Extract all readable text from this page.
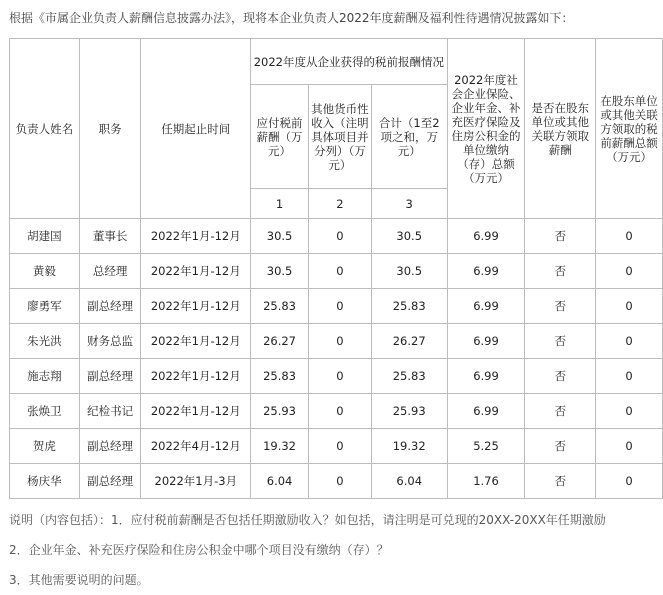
根据《市属企业负责人薪酬信息披露办法》，现将本企业负责人2022年度薪酬及福利性待遇情况披露如下：
负责人姓名	职务	任期起止时间	2022年度从企业获得的税前报酬情况			2022年度社会企业保险、企业年金、补充医疗保险及住房公积金的单位缴纳（存）总额（万元）	是否在股东单位或其他关联方领取薪酬	在股东单位或其他关联方领取的税前薪酬总额（万元）
			应付税前薪酬（万元）	其他货币性收入（注明具体项目并分列）（万元）	合计（1至2项之和，万元）			
			1	2	3			
胡建国	董事长	2022年1月-12月	30.5	0	30.5	6.99	否	0
黄毅	总经理	2022年1月-12月	30.5	0	30.5	6.99	否	0
廖勇军	副总经理	2022年1月-12月	25.83	0	25.83	6.99	否	0
朱光洪	财务总监	2022年1月-12月	26.27	0	26.27	6.99	否	0
施志翔	副总经理	2022年1月-12月	25.83	0	25.83	6.99	否	0
张焕卫	纪检书记	2022年1月-12月	25.93	0	25.93	6.99	否	0
贺虎	副总经理	2022年4月-12月	19.32	0	19.32	5.25	否	0
杨庆华	副总经理	2022年1月-3月	6.04	0	6.04	1.76	否	0
说明（内容包括）：1．应付税前薪酬是否包括任期激励收入？如包括，请注明是可兑现的20XX-20XX年任期激励
2．企业年金、补充医疗保险和住房公积金中哪个项目没有缴纳（存）？
3．其他需要说明的问题。
